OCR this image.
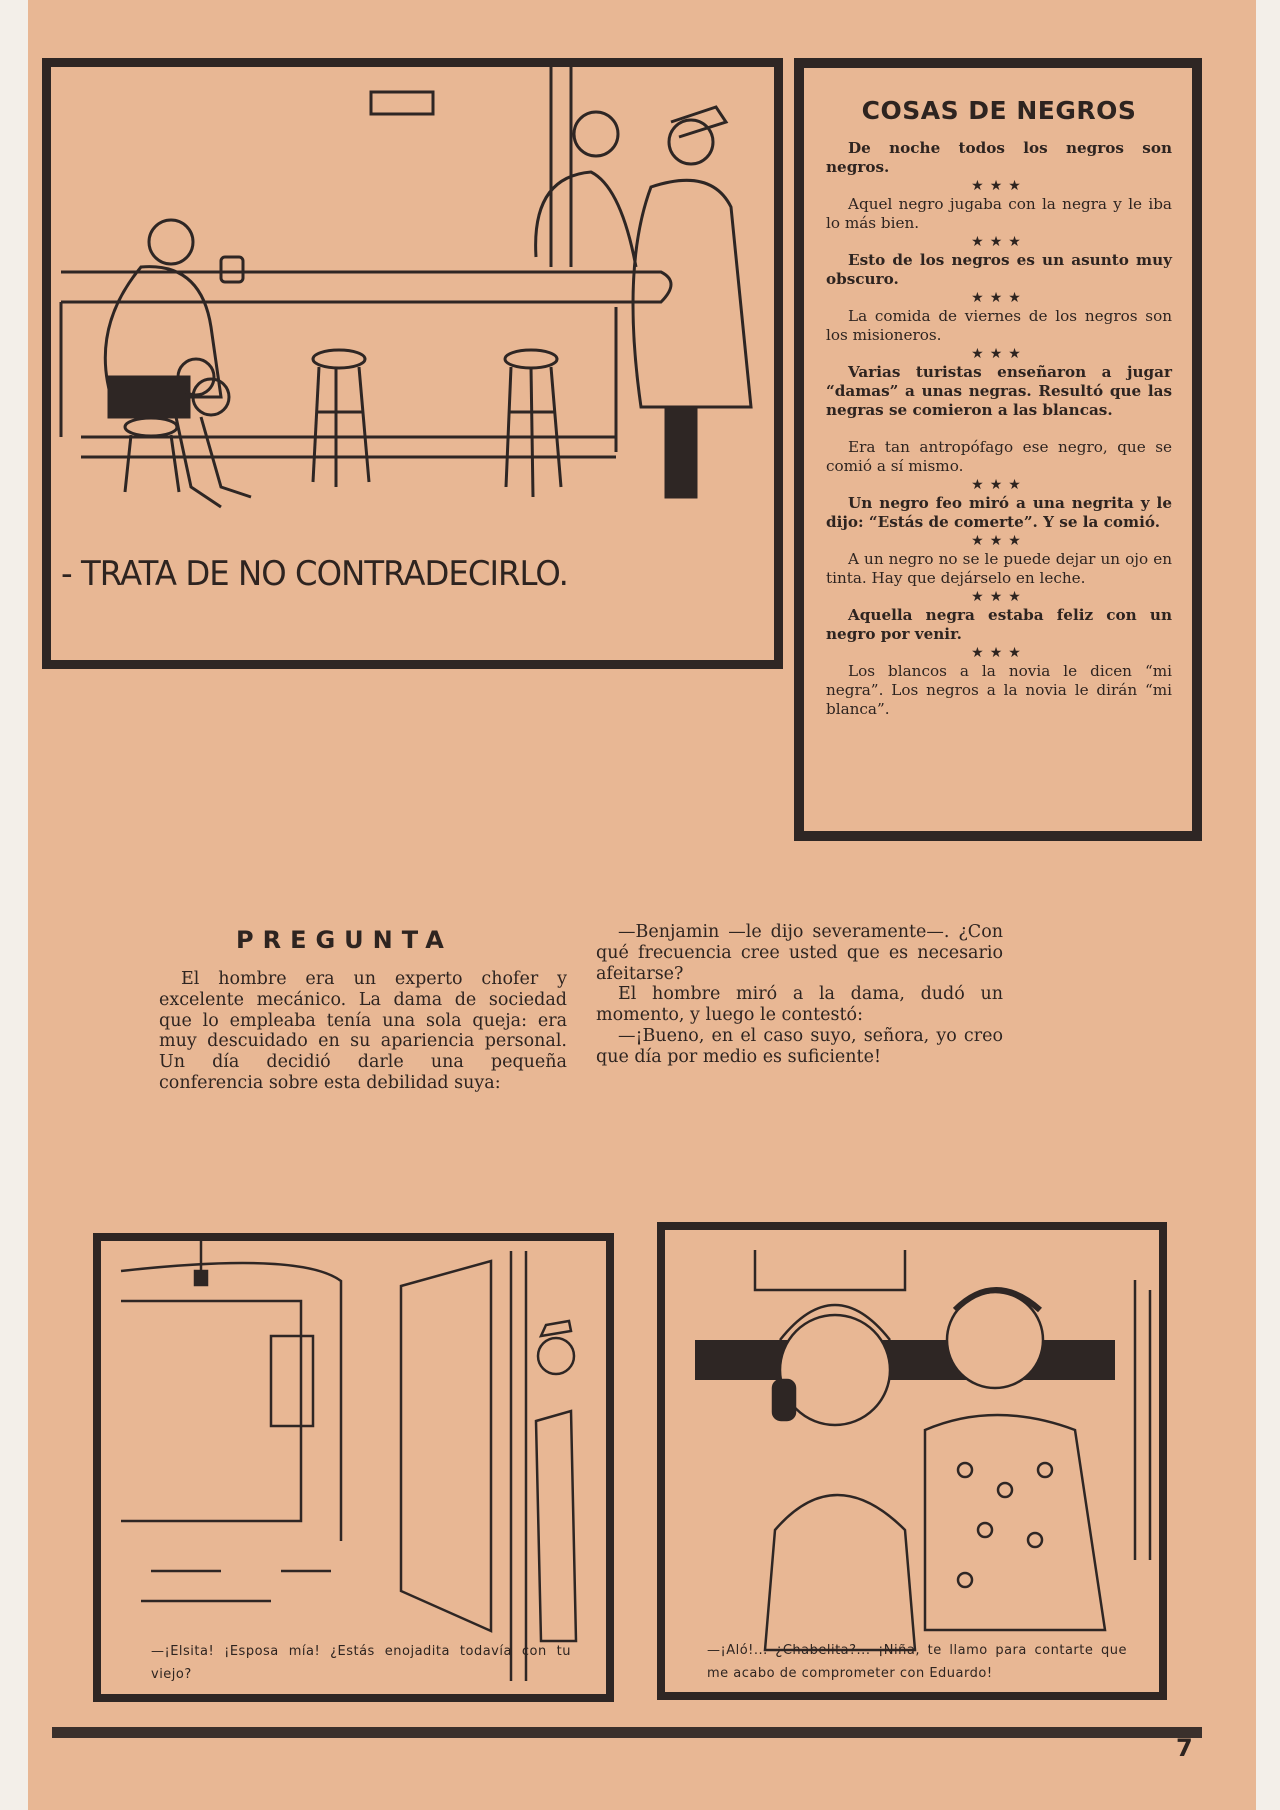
- TRATA DE NO CONTRADECIRLO.
COSAS DE NEGROS

De noche todos los negros son negros.

★★★

Aquel negro jugaba con la negra y le iba lo más bien.

★★★

Esto de los negros es un asunto muy obscuro.

★★★

La comida de viernes de los negros son los misioneros.

★★★

Varias turistas enseñaron a jugar “damas” a unas negras. Resultó que las negras se comieron a las blancas.

Era tan antropófago ese negro, que se comió a sí mismo.

★★★

Un negro feo miró a una negrita y le dijo: “Estás de comerte”. Y se la comió.

★★★

A un negro no se le puede dejar un ojo en tinta. Hay que dejárselo en leche.

★★★

Aquella negra estaba feliz con un negro por venir.

★★★

Los blancos a la novia le dicen “mi negra”. Los negros a la novia le dirán “mi blanca”.

PREGUNTA

El hombre era un experto chofer y excelente mecánico. La dama de sociedad que lo empleaba tenía una sola queja: era muy descuidado en su apariencia personal. Un día decidió darle una pequeña conferencia sobre esta debilidad suya:

—Benjamin —le dijo severamente—. ¿Con qué frecuencia cree usted que es necesario afeitarse?

El hombre miró a la dama, dudó un momento, y luego le contestó:

—¡Bueno, en el caso suyo, señora, yo creo que día por medio es suficiente!

—¡Elsita! ¡Esposa mía! ¿Estás enojadita todavía con tu viejo?
—¡Aló!... ¿Chabelita?... ¡Niña, te llamo para contarte que me acabo de comprometer con Eduardo!
7
